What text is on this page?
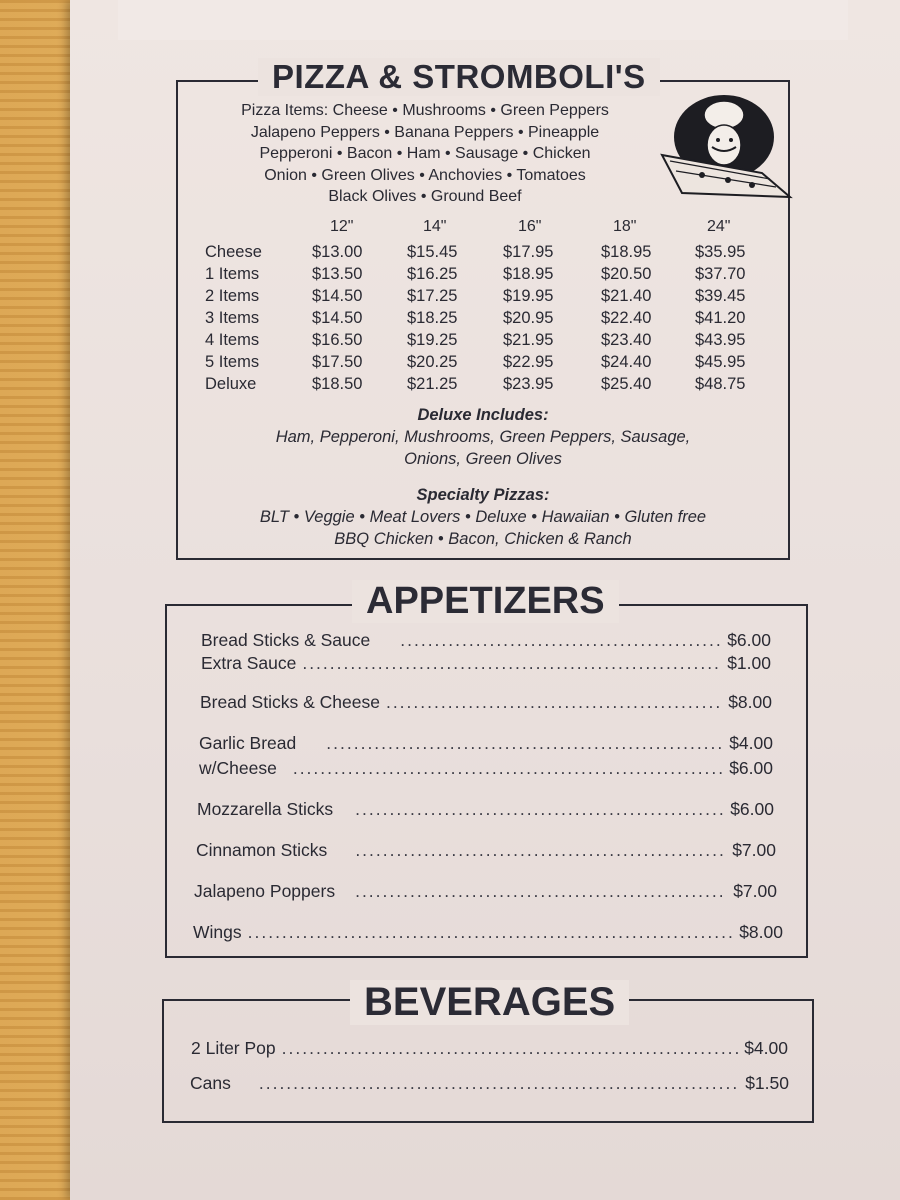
PIZZA & STROMBOLI'S
Pizza Items: Cheese • Mushrooms • Green Peppers
Jalapeno Peppers • Banana Peppers • Pineapple
Pepperoni • Bacon • Ham • Sausage • Chicken
Onion • Green Olives • Anchovies • Tomatoes
Black Olives • Ground Beef
12"	14"	16"	18"	24"
Cheese	$13.00	$15.45	$17.95	$18.95	$35.95
1 Items	$13.50	$16.25	$18.95	$20.50	$37.70
2 Items	$14.50	$17.25	$19.95	$21.40	$39.45
3 Items	$14.50	$18.25	$20.95	$22.40	$41.20
4 Items	$16.50	$19.25	$21.95	$23.40	$43.95
5 Items	$17.50	$20.25	$22.95	$24.40	$45.95
Deluxe	$18.50	$21.25	$23.95	$25.40	$48.75
Deluxe Includes:
Ham, Pepperoni, Mushrooms, Green Peppers, Sausage,
Onions, Green Olives
Specialty Pizzas:
BLT • Veggie • Meat Lovers • Deluxe • Hawaiian • Gluten free
BBQ Chicken • Bacon, Chicken & Ranch
APPETIZERS
Bread Sticks & Sauce .....	$6.00
Extra Sauce .....	$1.00
Bread Sticks & Cheese .....	$8.00
Garlic Bread .....	$4.00
w/Cheese .....	$6.00
Mozzarella Sticks .....	$6.00
Cinnamon Sticks .....	$7.00
Jalapeno Poppers .....	$7.00
Wings .....	$8.00
BEVERAGES
2 Liter Pop .....	$4.00
Cans .....	$1.50
